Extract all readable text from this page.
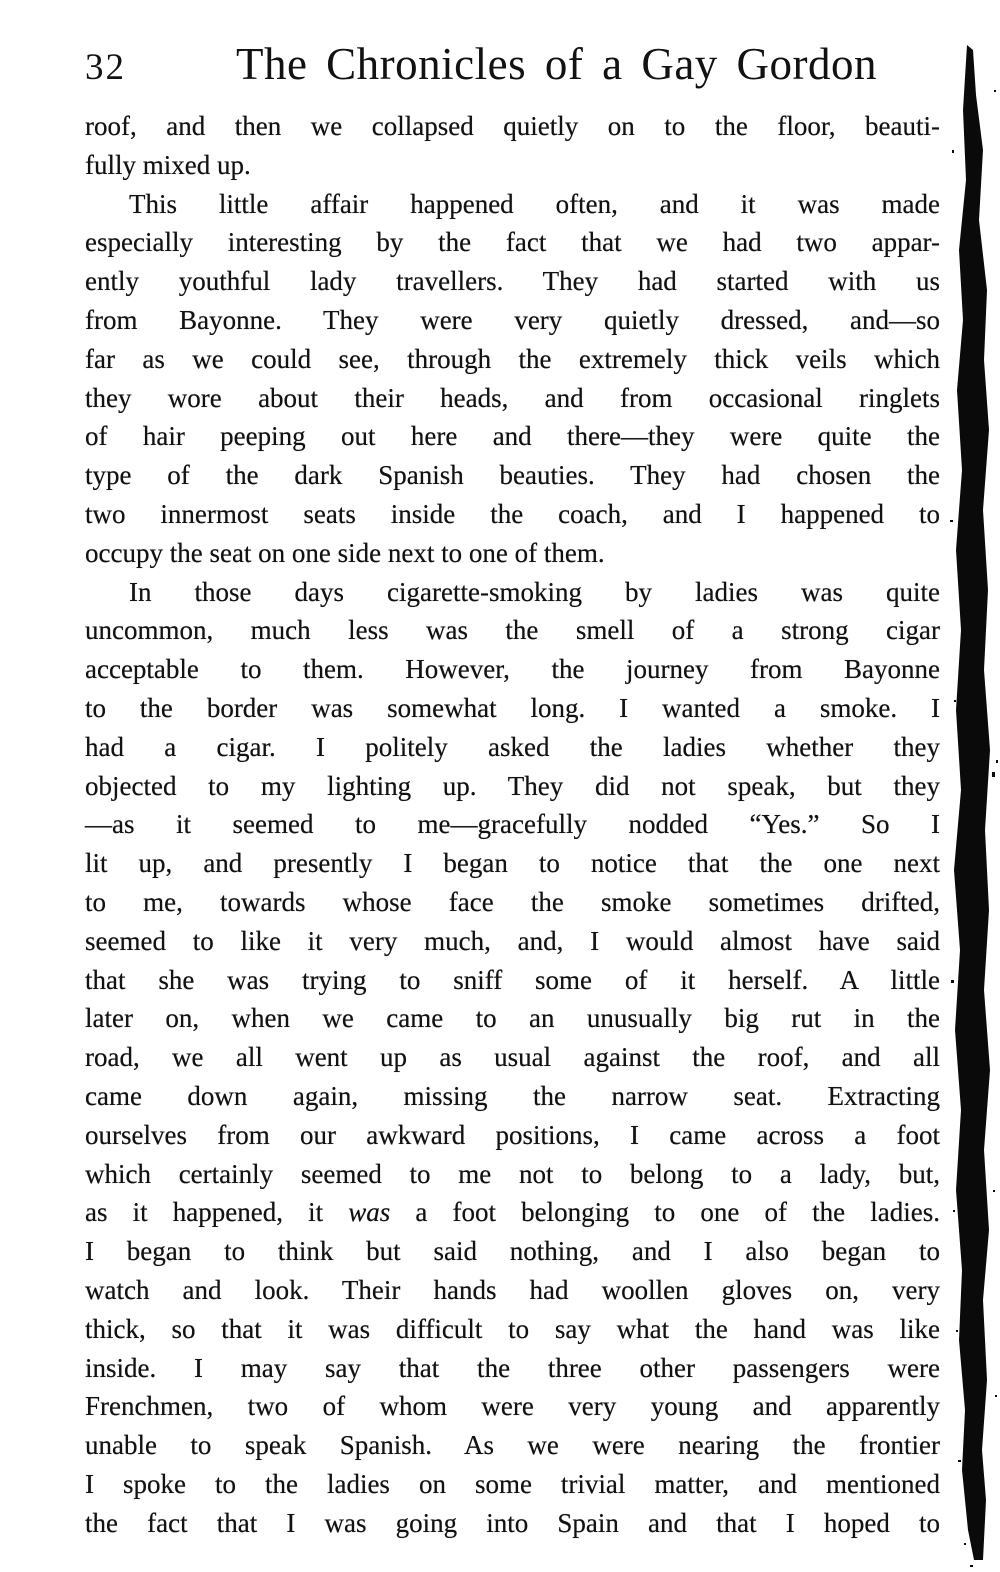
32	The Chronicles of a Gay Gordon
roof, and then we collapsed quietly on to the floor, beauti-
fully mixed up.
This little affair happened often, and it was made
especially interesting by the fact that we had two appar-
ently youthful lady travellers. They had started with us
from Bayonne. They were very quietly dressed, and—so
far as we could see, through the extremely thick veils which
they wore about their heads, and from occasional ringlets
of hair peeping out here and there—they were quite the
type of the dark Spanish beauties. They had chosen the
two innermost seats inside the coach, and I happened to
occupy the seat on one side next to one of them.
In those days cigarette-smoking by ladies was quite
uncommon, much less was the smell of a strong cigar
acceptable to them. However, the journey from Bayonne
to the border was somewhat long. I wanted a smoke. I
had a cigar. I politely asked the ladies whether they
objected to my lighting up. They did not speak, but they
—as it seemed to me—gracefully nodded “Yes.” So I
lit up, and presently I began to notice that the one next
to me, towards whose face the smoke sometimes drifted,
seemed to like it very much, and, I would almost have said
that she was trying to sniff some of it herself. A little
later on, when we came to an unusually big rut in the
road, we all went up as usual against the roof, and all
came down again, missing the narrow seat. Extracting
ourselves from our awkward positions, I came across a foot
which certainly seemed to me not to belong to a lady, but,
as it happened, it was a foot belonging to one of the ladies.
I began to think but said nothing, and I also began to
watch and look. Their hands had woollen gloves on, very
thick, so that it was difficult to say what the hand was like
inside. I may say that the three other passengers were
Frenchmen, two of whom were very young and apparently
unable to speak Spanish. As we were nearing the frontier
I spoke to the ladies on some trivial matter, and mentioned
the fact that I was going into Spain and that I hoped to
